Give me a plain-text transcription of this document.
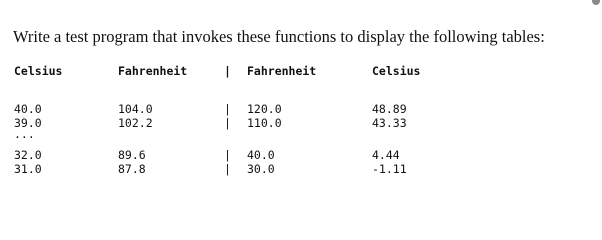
Write a test program that invokes these functions to display the following tables:
Celsius	Fahrenheit	| Fahrenheit	Celsius
40.0	104.0	| 120.0	48.89
39.0	102.2	| 110.0	43.33
...
32.0	89.6	| 40.0	4.44
31.0	87.8	| 30.0	-1.11
